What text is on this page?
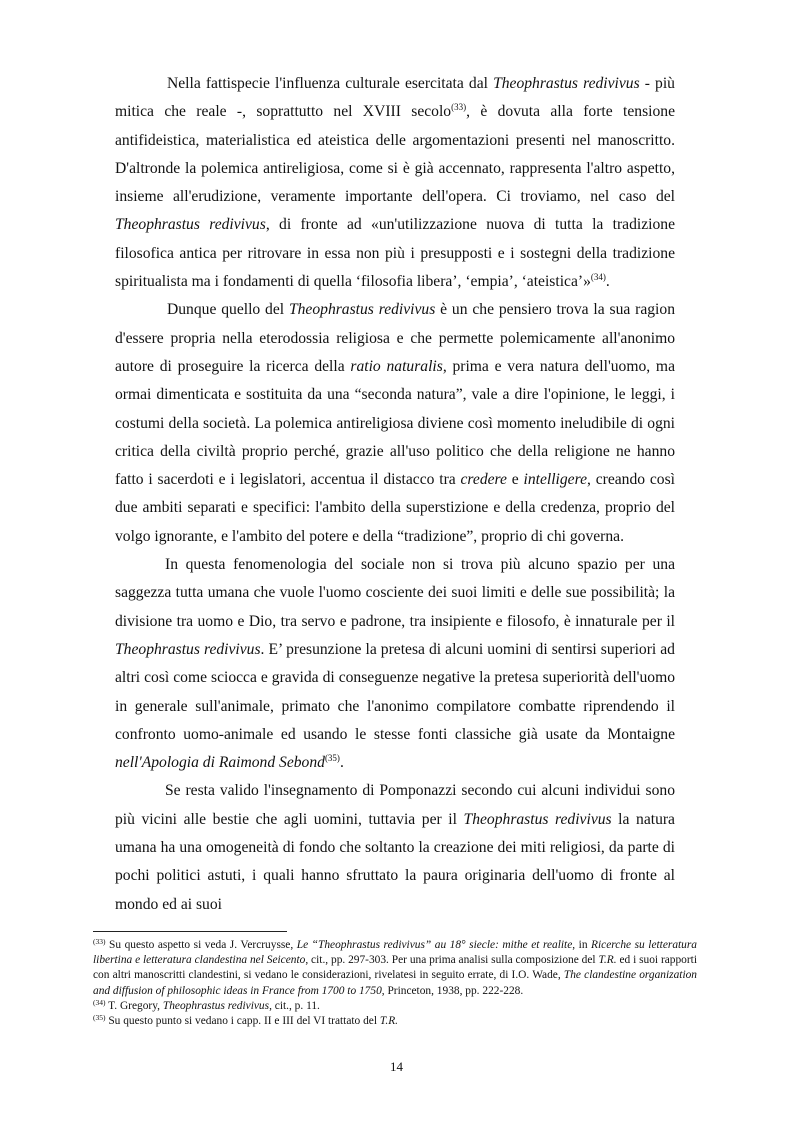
Nella fattispecie l'influenza culturale esercitata dal Theophrastus redivivus - più mitica che reale -, soprattutto nel XVIII secolo$^{(33)}$, è dovuta alla forte tensione antifideistica, materialistica ed ateistica delle argomentazioni presenti nel manoscritto. D'altronde la polemica antireligiosa, come si è già accennato, rappresenta l'altro aspetto, insieme all'erudizione, veramente importante dell'opera. Ci troviamo, nel caso del Theophrastus redivivus, di fronte ad «un'utilizzazione nuova di tutta la tradizione filosofica antica per ritrovare in essa non più i presupposti e i sostegni della tradizione spiritualista ma i fondamenti di quella ‘filosofia libera’, ‘empia’, ‘ateistica’»$^{(34)}$.

Dunque quello del Theophrastus redivivus è un che pensiero trova la sua ragion d'essere propria nella eterodossia religiosa e che permette polemicamente all'anonimo autore di proseguire la ricerca della ratio naturalis, prima e vera natura dell'uomo, ma ormai dimenticata e sostituita da una “seconda natura”, vale a dire l'opinione, le leggi, i costumi della società. La polemica antireligiosa diviene così momento ineludibile di ogni critica della civiltà proprio perché, grazie all'uso politico che della religione ne hanno fatto i sacerdoti e i legislatori, accentua il distacco tra credere e intelligere, creando così due ambiti separati e specifici: l'ambito della superstizione e della credenza, proprio del volgo ignorante, e l'ambito del potere e della “tradizione”, proprio di chi governa.

In questa fenomenologia del sociale non si trova più alcuno spazio per una saggezza tutta umana che vuole l'uomo cosciente dei suoi limiti e delle sue possibilità; la divisione tra uomo e Dio, tra servo e padrone, tra insipiente e filosofo, è innaturale per il Theophrastus redivivus. E’ presunzione la pretesa di alcuni uomini di sentirsi superiori ad altri così come sciocca e gravida di conseguenze negative la pretesa superiorità dell'uomo in generale sull'animale, primato che l'anonimo compilatore combatte riprendendo il confronto uomo-animale ed usando le stesse fonti classiche già usate da Montaigne nell'Apologia di Raimond Sebond$^{(35)}$.

Se resta valido l'insegnamento di Pomponazzi secondo cui alcuni individui sono più vicini alle bestie che agli uomini, tuttavia per il Theophrastus redivivus la natura umana ha una omogeneità di fondo che soltanto la creazione dei miti religiosi, da parte di pochi politici astuti, i quali hanno sfruttato la paura originaria dell'uomo di fronte al mondo ed ai suoi

$^{(33)}$ Su questo aspetto si veda J. Vercruysse, Le “Theophrastus redivivus” au 18° siecle: mithe et realite, in Ricerche su letteratura libertina e letteratura clandestina nel Seicento, cit., pp. 297-303. Per una prima analisi sulla composizione del T.R. ed i suoi rapporti con altri manoscritti clandestini, si vedano le considerazioni, rivelatesi in seguito errate, di I.O. Wade, The clandestine organization and diffusion of philosophic ideas in France from 1700 to 1750, Princeton, 1938, pp. 222-228.

$^{(34)}$ T. Gregory, Theophrastus redivivus, cit., p. 11.

$^{(35)}$ Su questo punto si vedano i capp. II e III del VI trattato del T.R.

14
